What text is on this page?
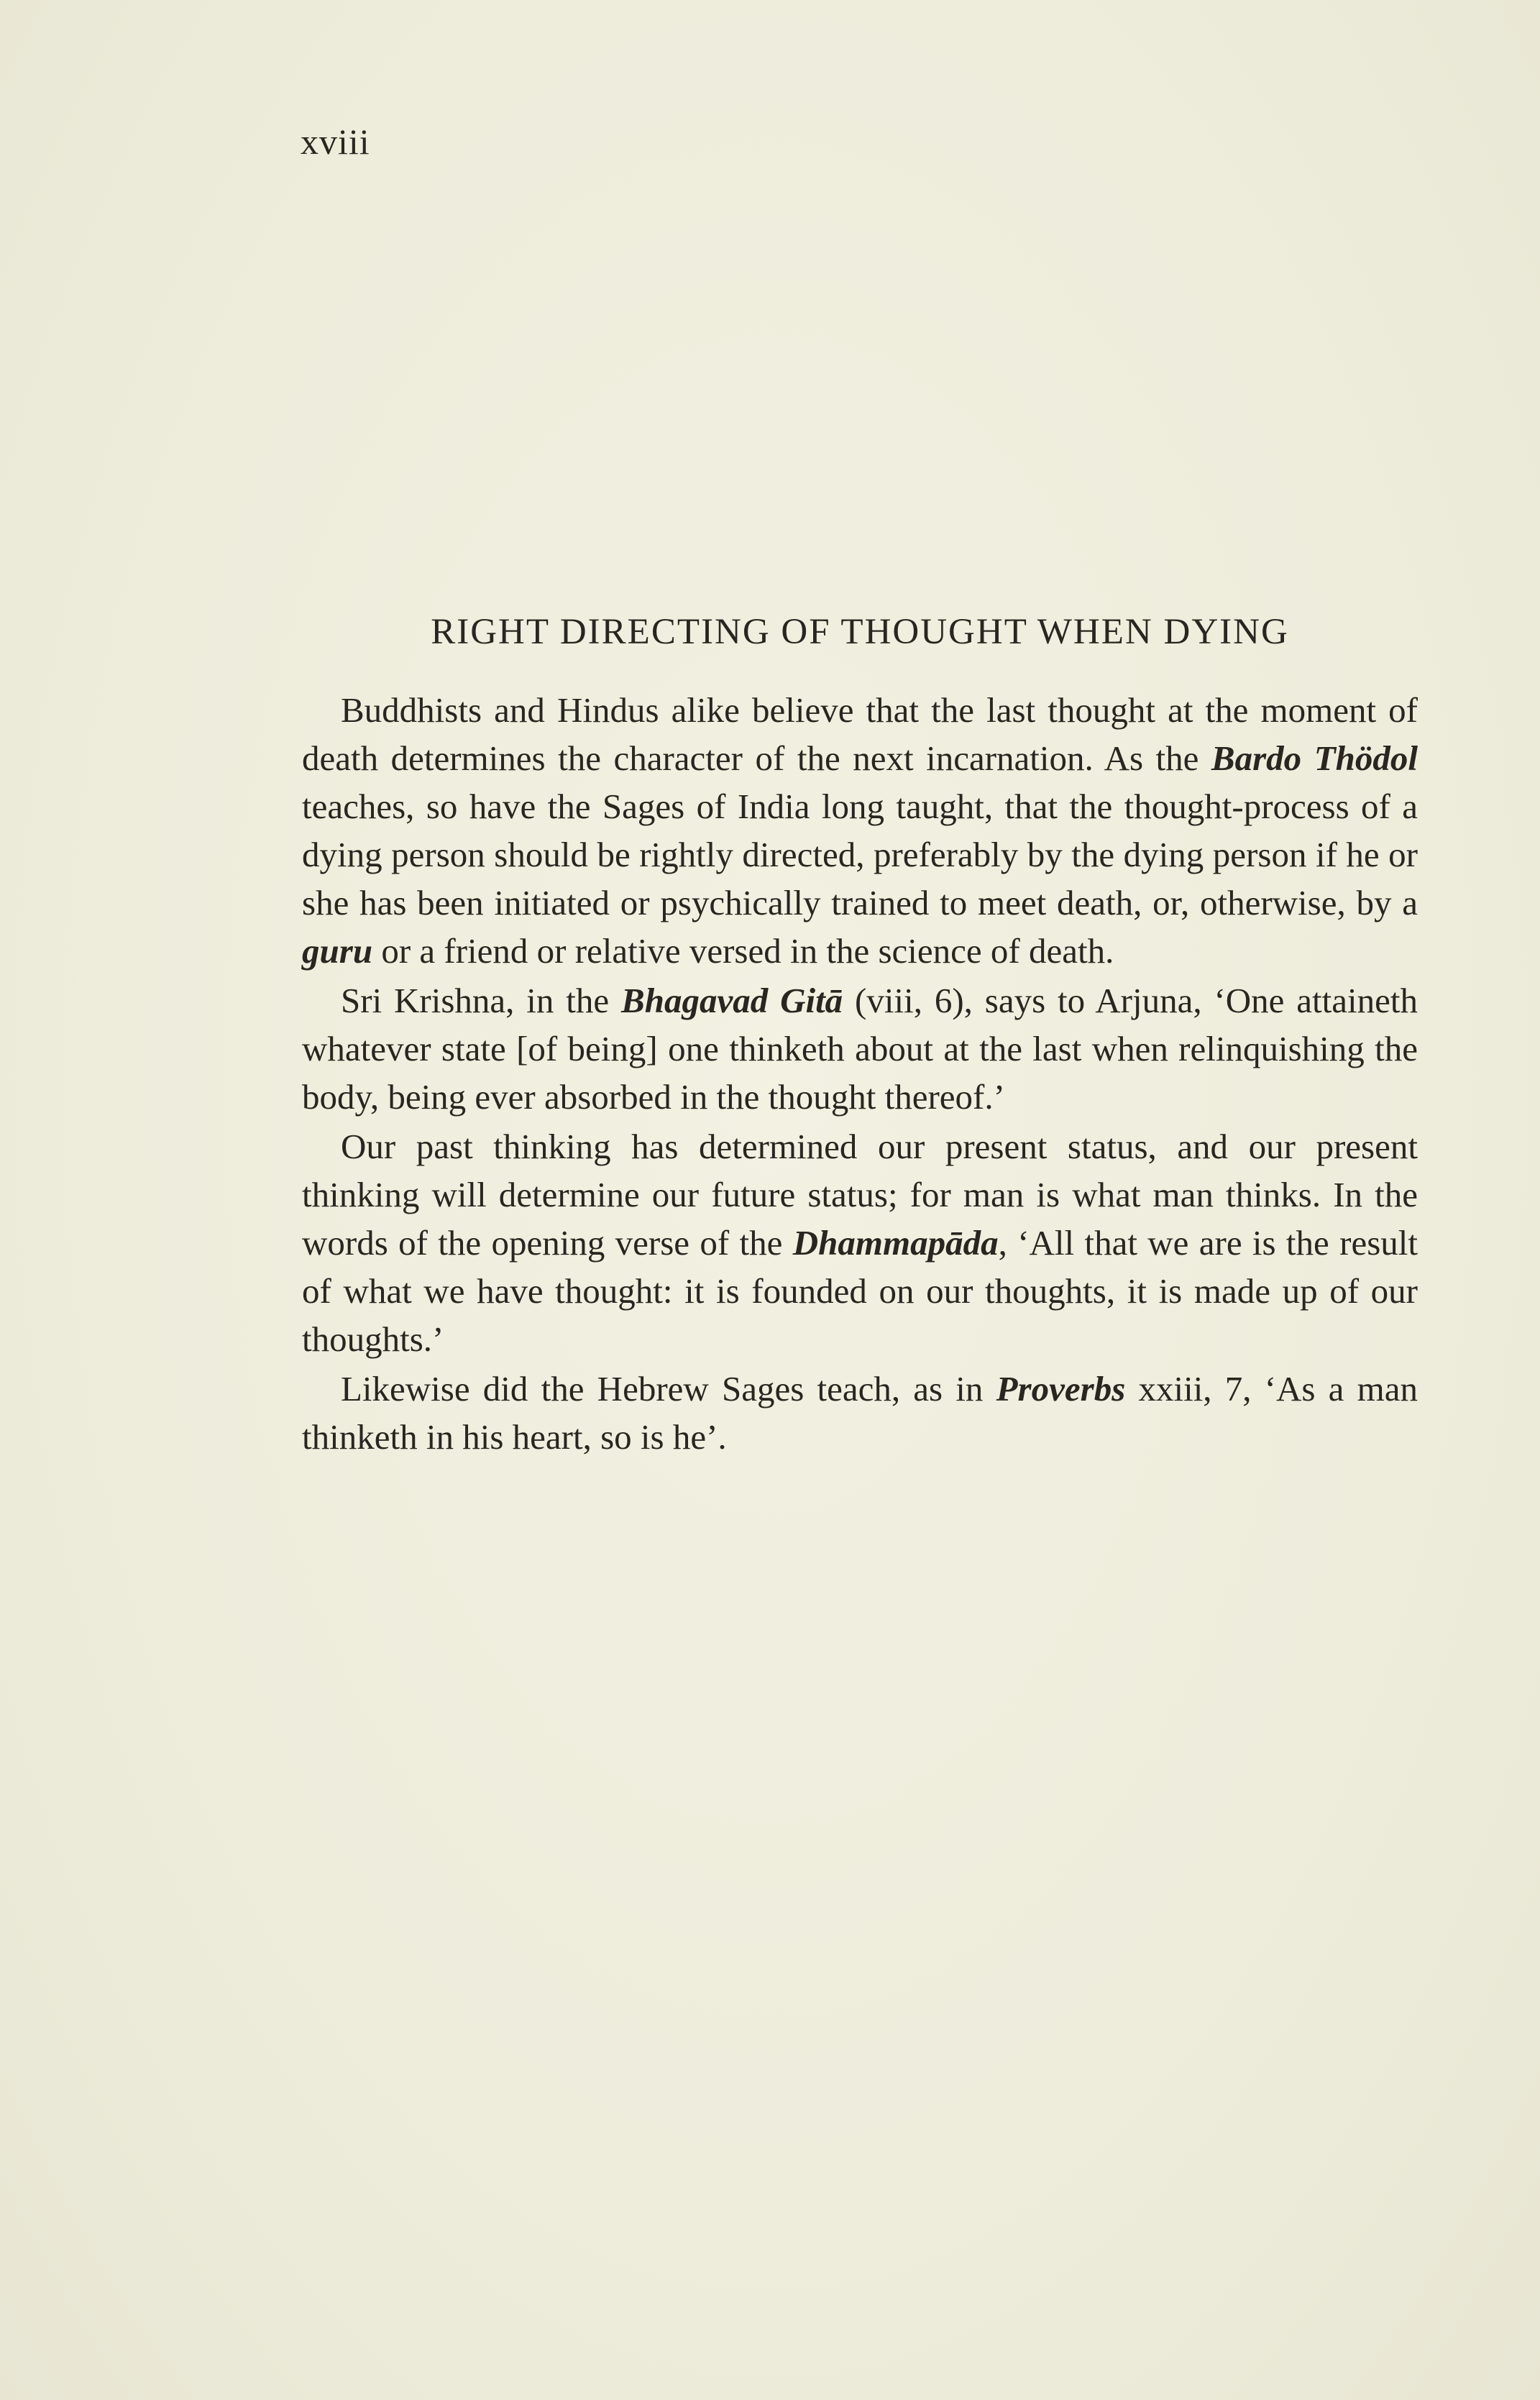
xviii
RIGHT DIRECTING OF THOUGHT WHEN DYING

Buddhists and Hindus alike believe that the last thought at the moment of death determines the character of the next incarnation. As the Bardo Thödol teaches, so have the Sages of India long taught, that the thought-process of a dying person should be rightly directed, preferably by the dying person if he or she has been initiated or psychically trained to meet death, or, otherwise, by a guru or a friend or relative versed in the science of death.

Sri Krishna, in the Bhagavad Gitā (viii, 6), says to Arjuna, ‘One attaineth whatever state [of being] one thinketh about at the last when relinquishing the body, being ever absorbed in the thought thereof.’

Our past thinking has determined our present status, and our present thinking will determine our future status; for man is what man thinks. In the words of the opening verse of the Dhammapāda, ‘All that we are is the result of what we have thought: it is founded on our thoughts, it is made up of our thoughts.’

Likewise did the Hebrew Sages teach, as in Proverbs xxiii, 7, ‘As a man thinketh in his heart, so is he’.
